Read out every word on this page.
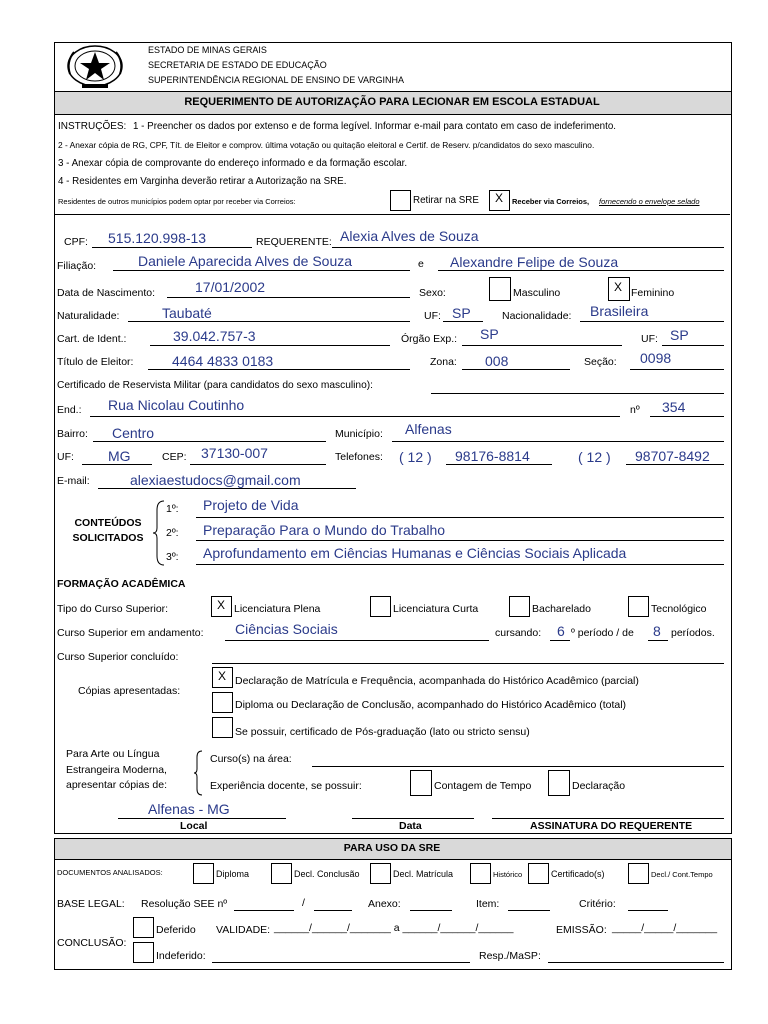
ESTADO DE MINAS GERAIS
SECRETARIA DE ESTADO DE EDUCAÇÃO
SUPERINTENDÊNCIA REGIONAL DE ENSINO DE VARGINHA
REQUERIMENTO DE AUTORIZAÇÃO PARA LECIONAR EM ESCOLA ESTADUAL
INSTRUÇÕES: 1 - Preencher os dados por extenso e de forma legível. Informar e-mail para contato em caso de indeferimento.
2 - Anexar cópia de RG, CPF, Tít. de Eleitor e comprov. última votação ou quitação eleitoral e Certif. de Reserv. p/candidatos do sexo masculino.
3 - Anexar cópia de comprovante do endereço informado e da formação escolar.
4 - Residentes em Varginha deverão retirar a Autorização na SRE.
Residentes de outros municípios podem optar por receber via Correios:	Retirar na SRE X Receber via Correios, fornecendo o envelope selado
CPF: 515.120.998-13	REQUERENTE: Alexia Alves de Souza
Filiação:	Daniele Aparecida Alves de Souza	e Alexandre Felipe de Souza
Data de Nascimento:	17/01/2002	Sexo:	Masculino	X Feminino
Naturalidade:	Taubaté	UF: SP	Nacionalidade: Brasileira
Cart. de Ident.:	39.042.757-3	Órgão Exp.: SP	UF: SP
Título de Eleitor:	4464 4833 0183	Zona: 008	Seção: 0098
Certificado de Reservista Militar (para candidatos do sexo masculino):
End.: Rua Nicolau Coutinho	nº 354
Bairro: Centro	Município: Alfenas
UF: MG	CEP: 37130-007	Telefones: ( 12 ) 98176-8814	( 12 ) 98707-8492
E-mail:	alexiaestudocs@gmail.com
CONTEÚDOS
SOLICITADOS
1º: Projeto de Vida
2º: Preparação Para o Mundo do Trabalho
3º: Aprofundamento em Ciências Humanas e Ciências Sociais Aplicada
FORMAÇÃO ACADÊMICA
Tipo do Curso Superior:	X Licenciatura Plena	Licenciatura Curta	Bacharelado	Tecnológico
Curso Superior em andamento: Ciências Sociais	cursando: 6 º período / de 8 períodos.
Curso Superior concluído:
Cópias apresentadas:
X Declaração de Matrícula e Frequência, acompanhada do Histórico Acadêmico (parcial)
Diploma ou Declaração de Conclusão, acompanhado do Histórico Acadêmico (total)
Se possuir, certificado de Pós-graduação (lato ou stricto sensu)
Para Arte ou Língua
Estrangeira Moderna,
apresentar cópias de:
Curso(s) na área:
Experiência docente, se possuir:	Contagem de Tempo	Declaração
Alfenas - MG
Local	Data	ASSINATURA DO REQUERENTE
PARA USO DA SRE
DOCUMENTOS ANALISADOS:	Diploma	Decl. Conclusão	Decl. Matrícula	Histórico	Certificado(s)	Decl./ Cont.Tempo
BASE LEGAL: Resolução SEE nº	/	Anexo:	Item:	Critério:
CONCLUSÃO:
Deferido VALIDADE: ______/______/_______ a ______/______/______	EMISSÃO: _____/_____/_______
Indeferido:	Resp./MaSP:
